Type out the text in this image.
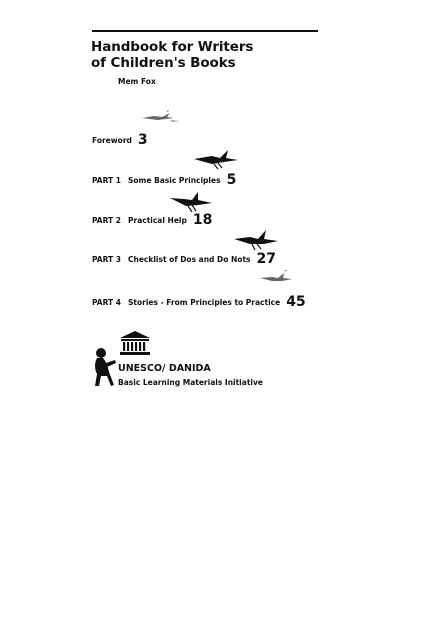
Handbook for Writers
of Children's Books
Mem Fox
Foreword 3
PART 1 Some Basic Principles 5
PART 2 Practical Help 18
PART 3 Checklist of Dos and Do Nots 27
PART 4 Stories - From Principles to Practice 45
UNESCO/ DANIDA
Basic Learning Materials Initiative
